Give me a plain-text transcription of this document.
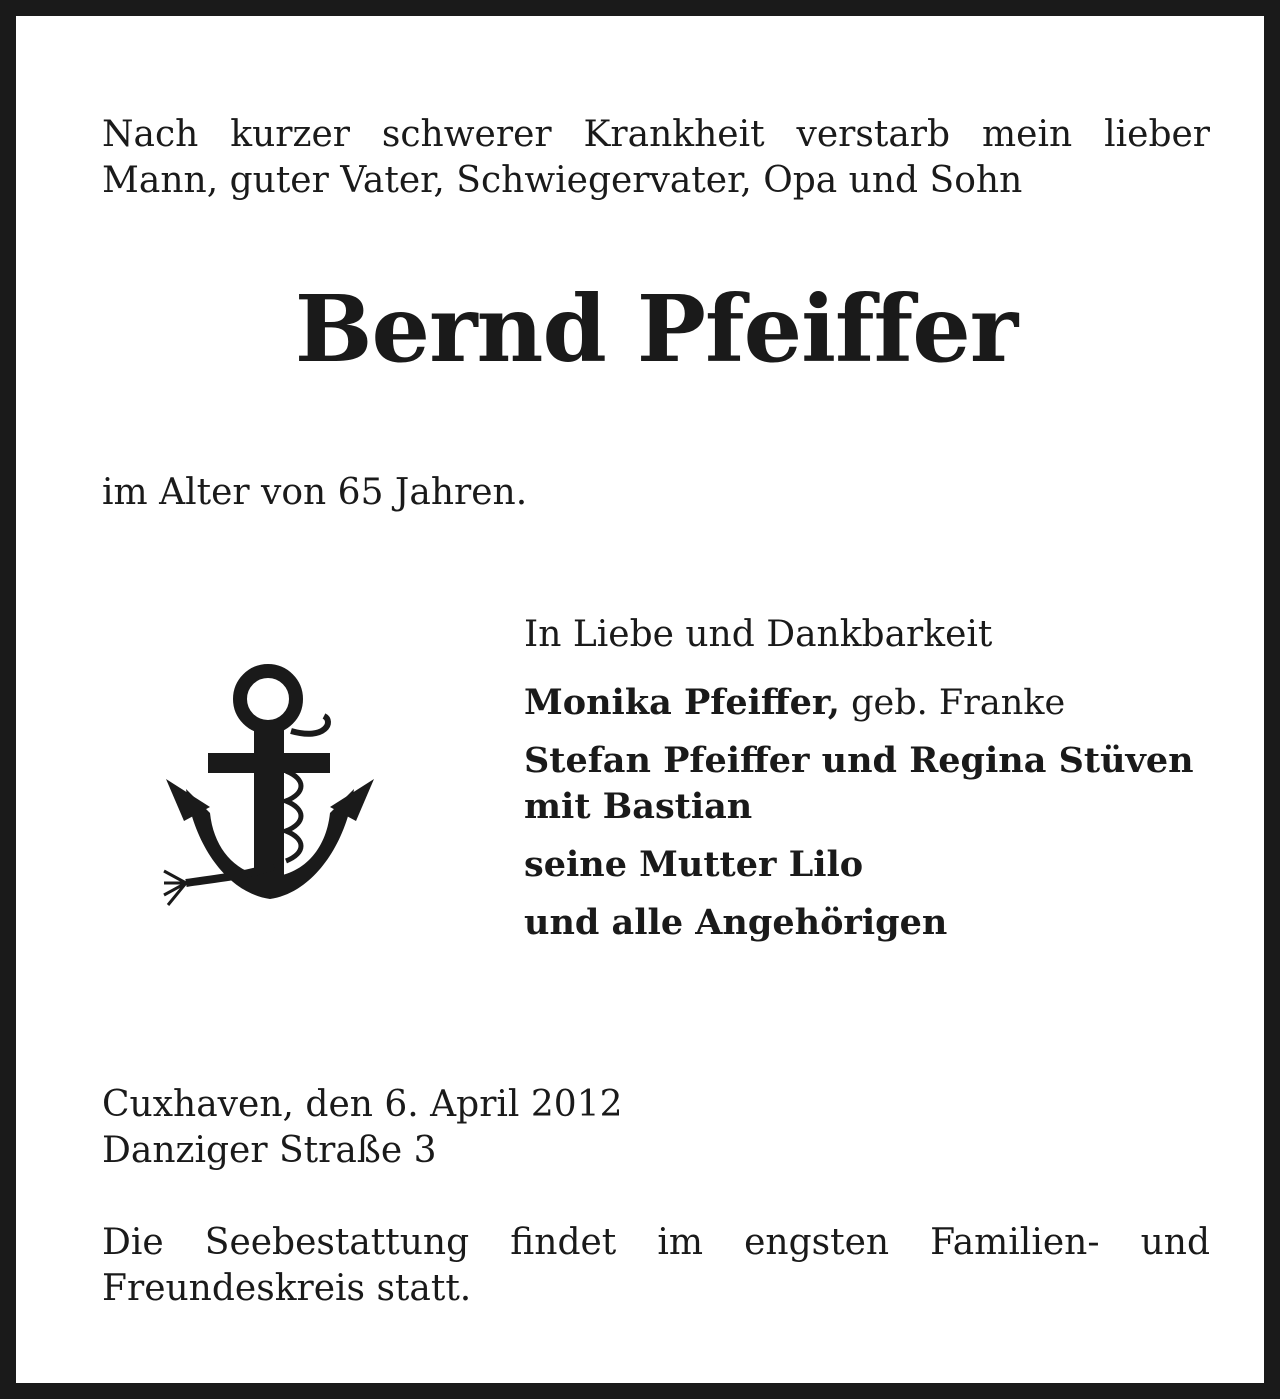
Nach kurzer schwerer Krankheit verstarb mein lieber Mann, guter Vater, Schwiegervater, Opa und Sohn
Bernd Pfeiffer
im Alter von 65 Jahren.
In Liebe und Dankbarkeit
Monika Pfeiffer, geb. Franke
Stefan Pfeiffer und Regina Stüven mit Bastian
seine Mutter Lilo
und alle Angehörigen
Cuxhaven, den 6. April 2012
Danziger Straße 3
Die Seebestattung findet im engsten Familien- und Freundeskreis statt.
